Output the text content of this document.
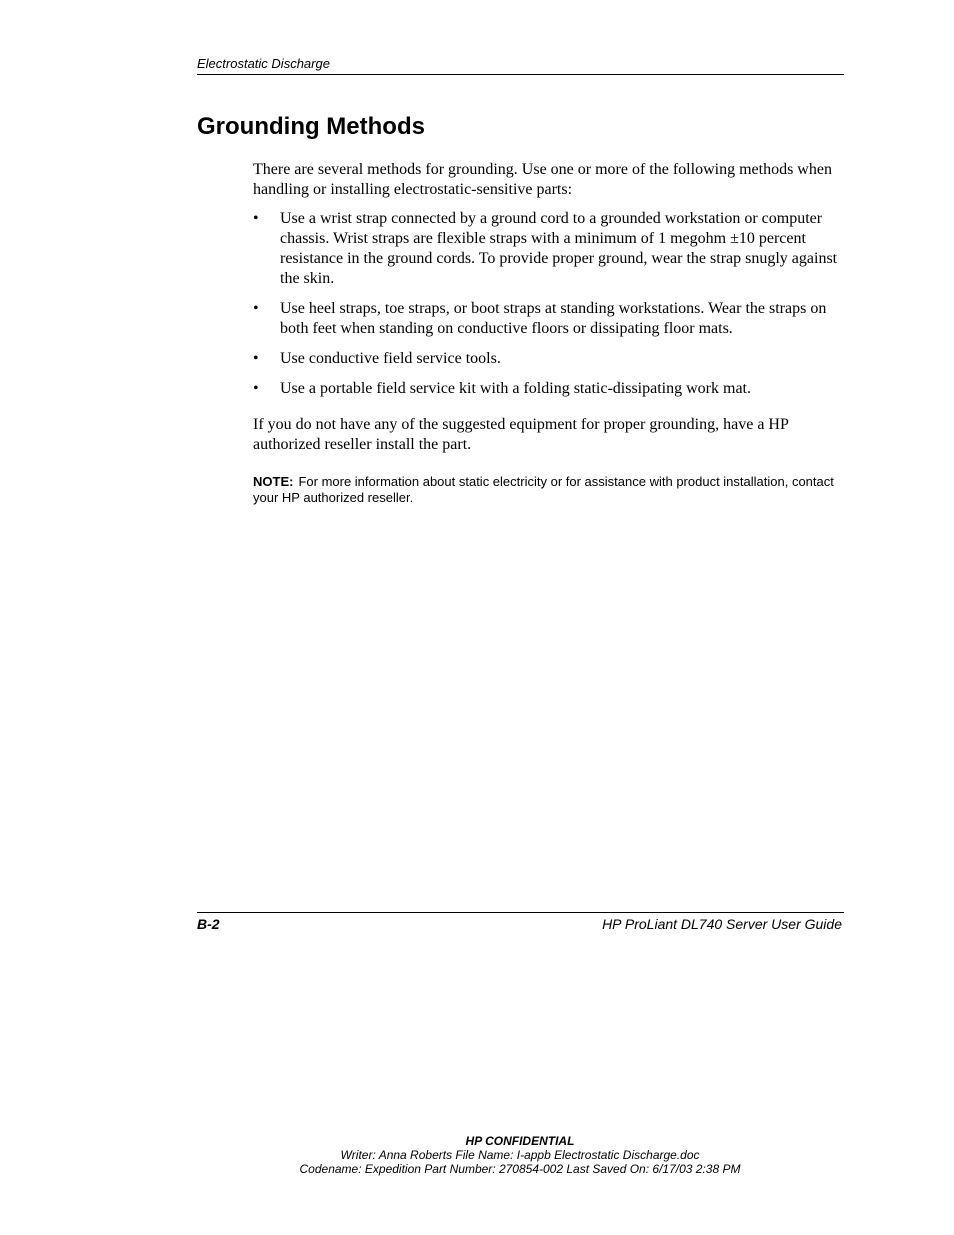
Electrostatic Discharge
Grounding Methods

There are several methods for grounding. Use one or more of the following methods when handling or installing electrostatic-sensitive parts:

•	Use a wrist strap connected by a ground cord to a grounded workstation or computer chassis. Wrist straps are flexible straps with a minimum of 1 megohm ±10 percent resistance in the ground cords. To provide proper ground, wear the strap snugly against the skin.
•	Use heel straps, toe straps, or boot straps at standing workstations. Wear the straps on both feet when standing on conductive floors or dissipating floor mats.
•	Use conductive field service tools.
•	Use a portable field service kit with a folding static-dissipating work mat.

If you do not have any of the suggested equipment for proper grounding, have a HP authorized reseller install the part.

NOTE: For more information about static electricity or for assistance with product installation, contact your HP authorized reseller.

B-2	HP ProLiant DL740 Server User Guide
HP CONFIDENTIAL
Writer: Anna Roberts File Name: I-appb Electrostatic Discharge.doc
Codename: Expedition Part Number: 270854-002 Last Saved On: 6/17/03 2:38 PM
